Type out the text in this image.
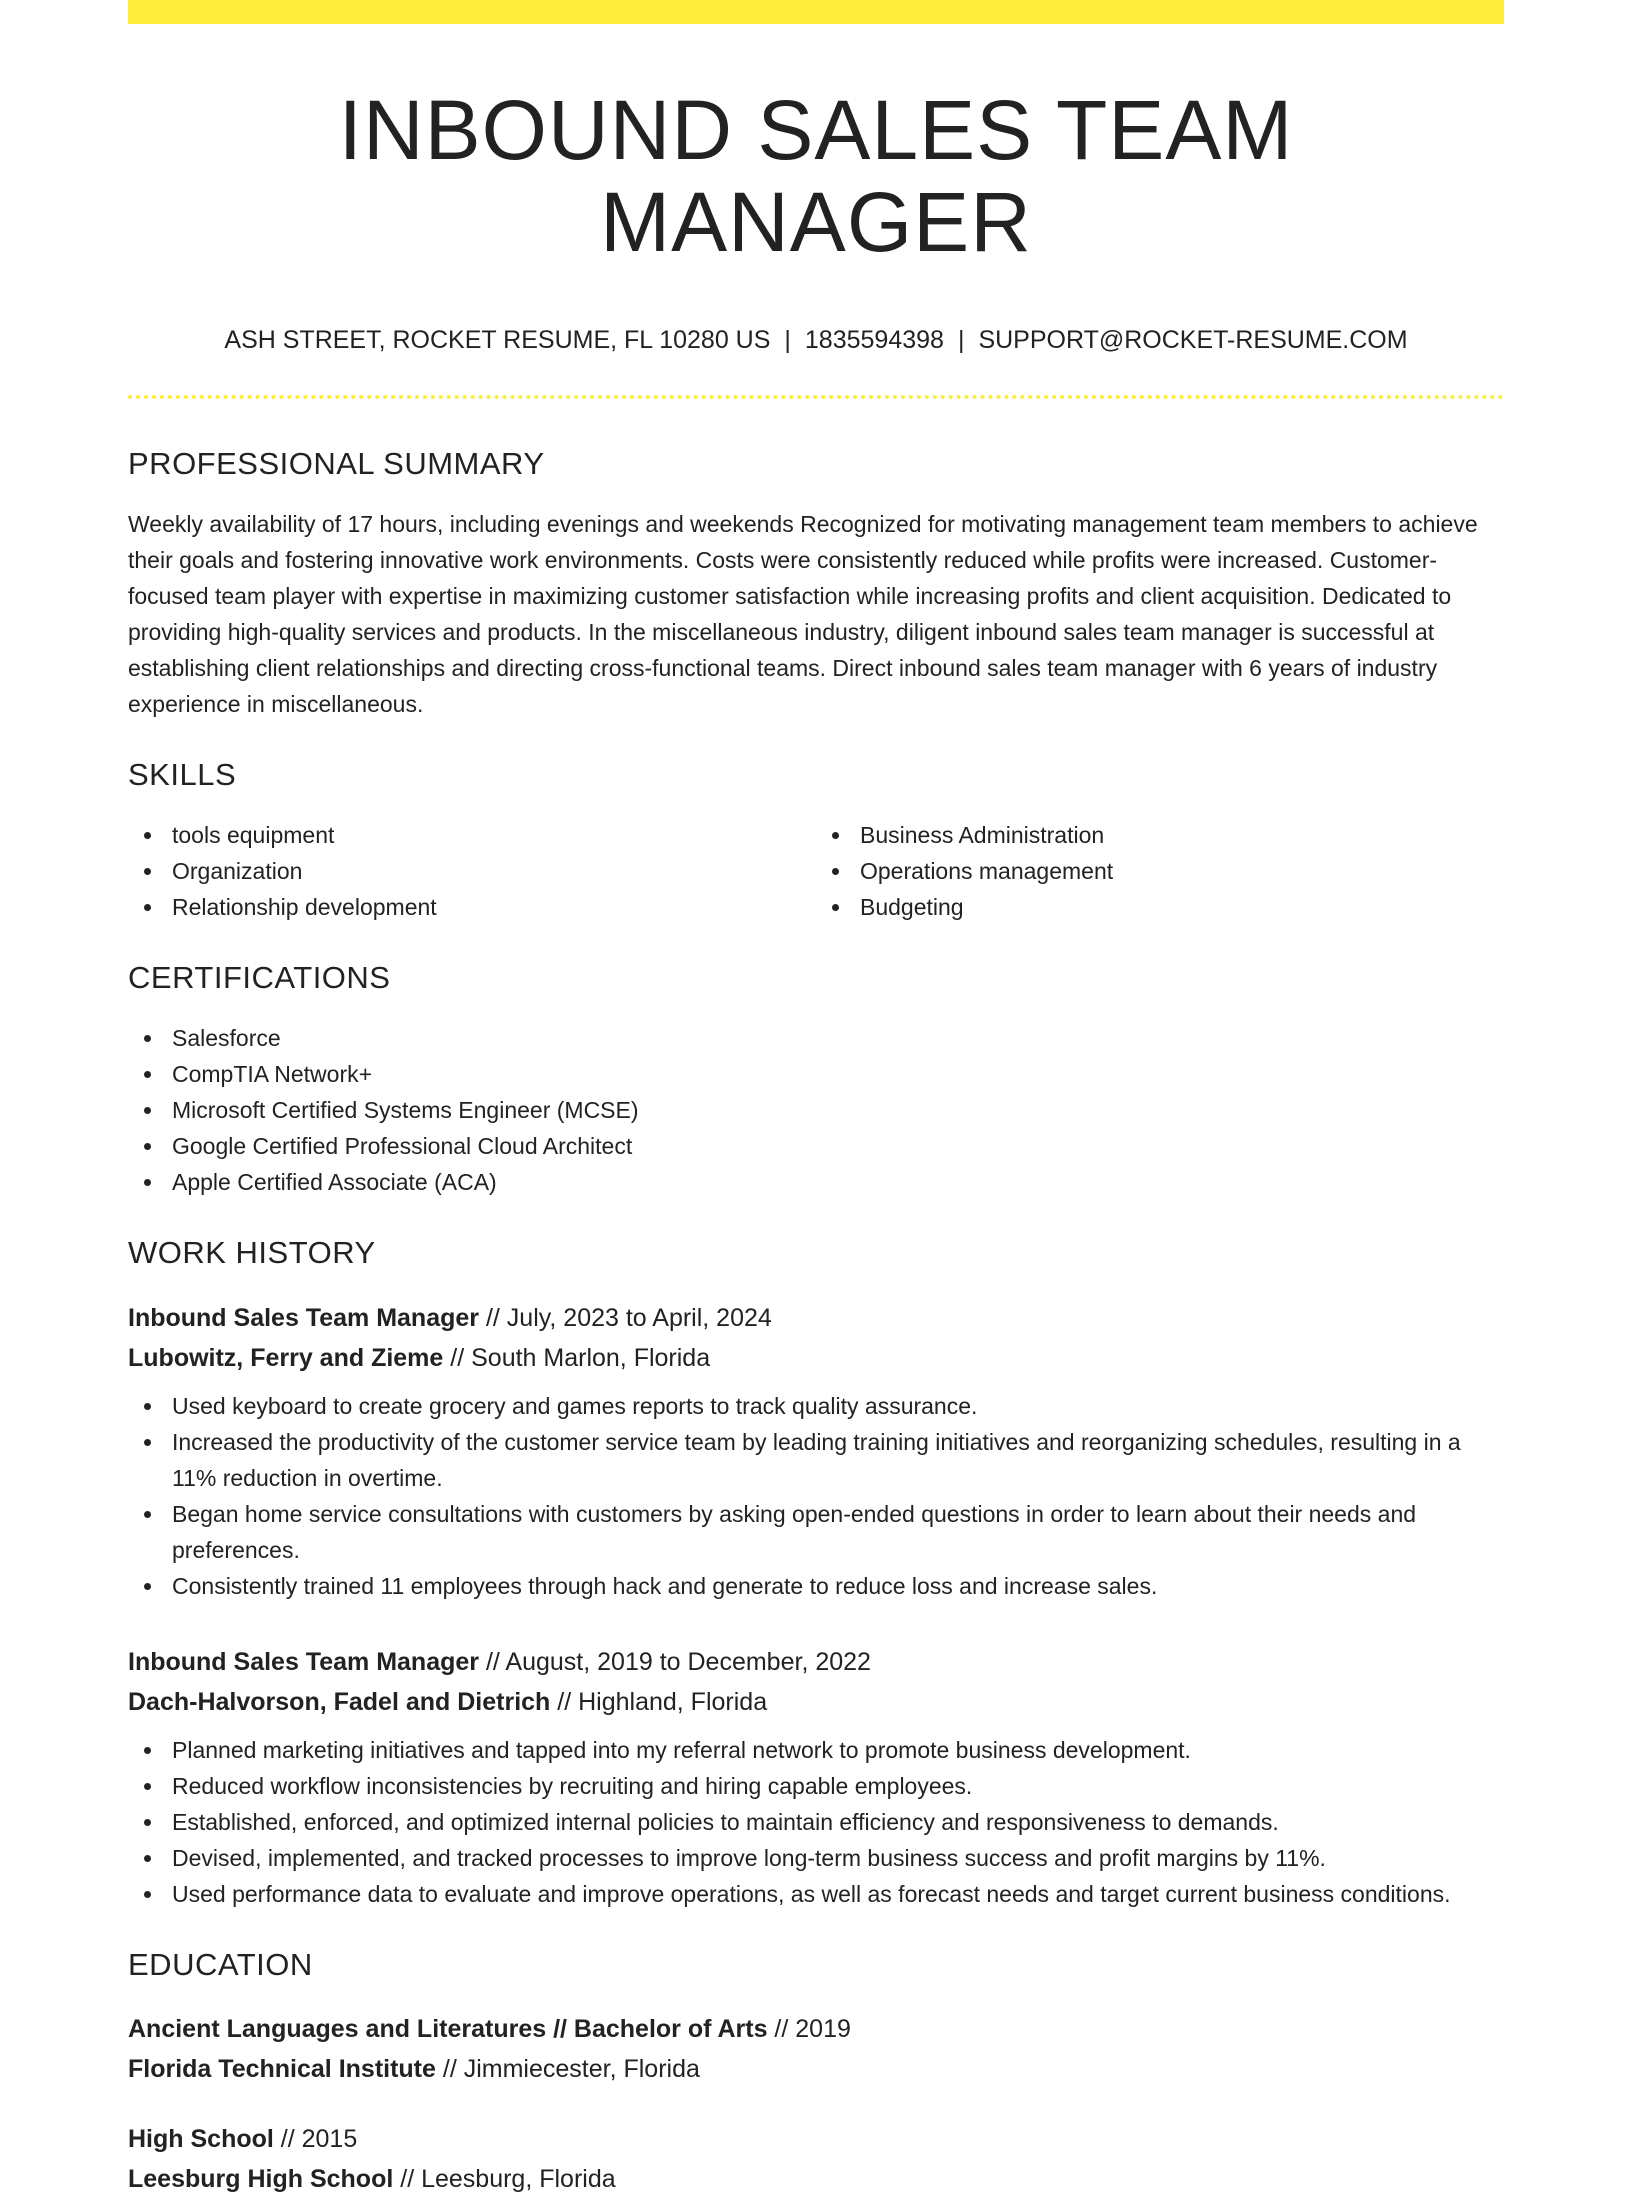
INBOUND SALES TEAM MANAGER
ASH STREET, ROCKET RESUME, FL 10280 US | 1835594398 | SUPPORT@ROCKET-RESUME.COM
PROFESSIONAL SUMMARY

Weekly availability of 17 hours, including evenings and weekends Recognized for motivating management team members to achieve their goals and fostering innovative work environments. Costs were consistently reduced while profits were increased. Customer-focused team player with expertise in maximizing customer satisfaction while increasing profits and client acquisition. Dedicated to providing high-quality services and products. In the miscellaneous industry, diligent inbound sales team manager is successful at establishing client relationships and directing cross-functional teams. Direct inbound sales team manager with 6 years of industry experience in miscellaneous.

SKILLS
tools equipment
Organization
Relationship development
Business Administration
Operations management
Budgeting
CERTIFICATIONS
Salesforce
CompTIA Network+
Microsoft Certified Systems Engineer (MCSE)
Google Certified Professional Cloud Architect
Apple Certified Associate (ACA)
WORK HISTORY
Inbound Sales Team Manager // July, 2023 to April, 2024
Lubowitz, Ferry and Zieme // South Marlon, Florida
Used keyboard to create grocery and games reports to track quality assurance.
Increased the productivity of the customer service team by leading training initiatives and reorganizing schedules, resulting in a 11% reduction in overtime.
Began home service consultations with customers by asking open-ended questions in order to learn about their needs and preferences.
Consistently trained 11 employees through hack and generate to reduce loss and increase sales.
Inbound Sales Team Manager // August, 2019 to December, 2022
Dach-Halvorson, Fadel and Dietrich // Highland, Florida
Planned marketing initiatives and tapped into my referral network to promote business development.
Reduced workflow inconsistencies by recruiting and hiring capable employees.
Established, enforced, and optimized internal policies to maintain efficiency and responsiveness to demands.
Devised, implemented, and tracked processes to improve long-term business success and profit margins by 11%.
Used performance data to evaluate and improve operations, as well as forecast needs and target current business conditions.
EDUCATION
Ancient Languages and Literatures // Bachelor of Arts // 2019
Florida Technical Institute // Jimmiecester, Florida
High School // 2015
Leesburg High School // Leesburg, Florida
